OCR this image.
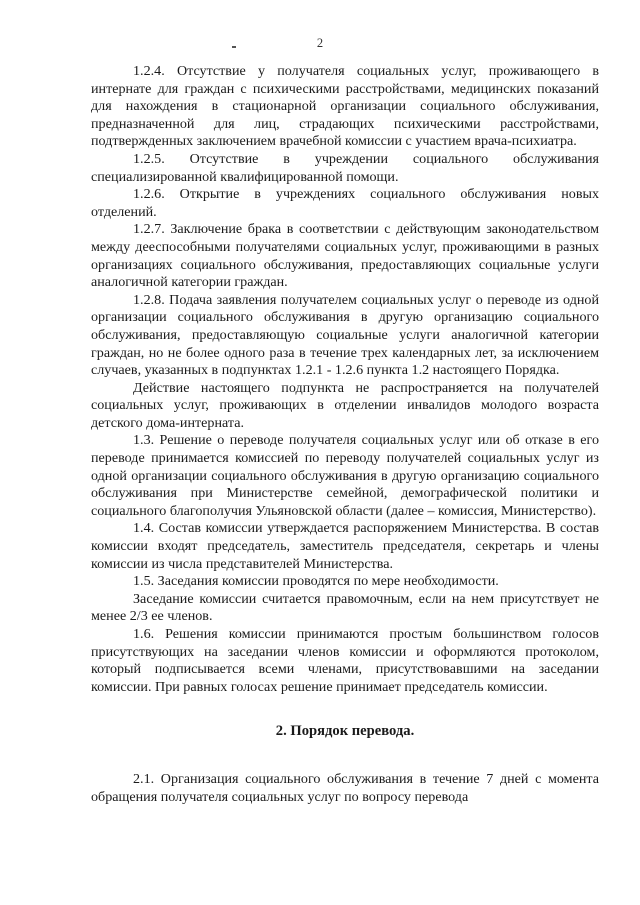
2

1.2.4. Отсутствие у получателя социальных услуг, проживающего в интернате для граждан с психическими расстройствами, медицинских показаний для нахождения в стационарной организации социального обслуживания, предназначенной для лиц, страдающих психическими расстройствами, подтвержденных заключением врачебной комиссии с участием врача-психиатра.

1.2.5. Отсутствие в учреждении социального обслуживания специализированной квалифицированной помощи.

1.2.6. Открытие в учреждениях социального обслуживания новых отделений.

1.2.7. Заключение брака в соответствии с действующим законодательством между дееспособными получателями социальных услуг, проживающими в разных организациях социального обслуживания, предоставляющих социальные услуги аналогичной категории граждан.

1.2.8. Подача заявления получателем социальных услуг о переводе из одной организации социального обслуживания в другую организацию социального обслуживания, предоставляющую социальные услуги аналогичной категории граждан, но не более одного раза в течение трех календарных лет, за исключением случаев, указанных в подпунктах 1.2.1 - 1.2.6 пункта 1.2 настоящего Порядка.

Действие настоящего подпункта не распространяется на получателей социальных услуг, проживающих в отделении инвалидов молодого возраста детского дома-интерната.

1.3. Решение о переводе получателя социальных услуг или об отказе в его переводе принимается комиссией по переводу получателей социальных услуг из одной организации социального обслуживания в другую организацию социального обслуживания при Министерстве семейной, демографической политики и социального благополучия Ульяновской области (далее – комиссия, Министерство).

1.4. Состав комиссии утверждается распоряжением Министерства. В состав комиссии входят председатель, заместитель председателя, секретарь и члены комиссии из числа представителей Министерства.

1.5. Заседания комиссии проводятся по мере необходимости.

Заседание комиссии считается правомочным, если на нем присутствует не менее 2/3 ее членов.

1.6. Решения комиссии принимаются простым большинством голосов присутствующих на заседании членов комиссии и оформляются протоколом, который подписывается всеми членами, присутствовавшими на заседании комиссии. При равных голосах решение принимает председатель комиссии.

2. Порядок перевода.

2.1. Организация социального обслуживания в течение 7 дней с момента обращения получателя социальных услуг по вопросу перевода
